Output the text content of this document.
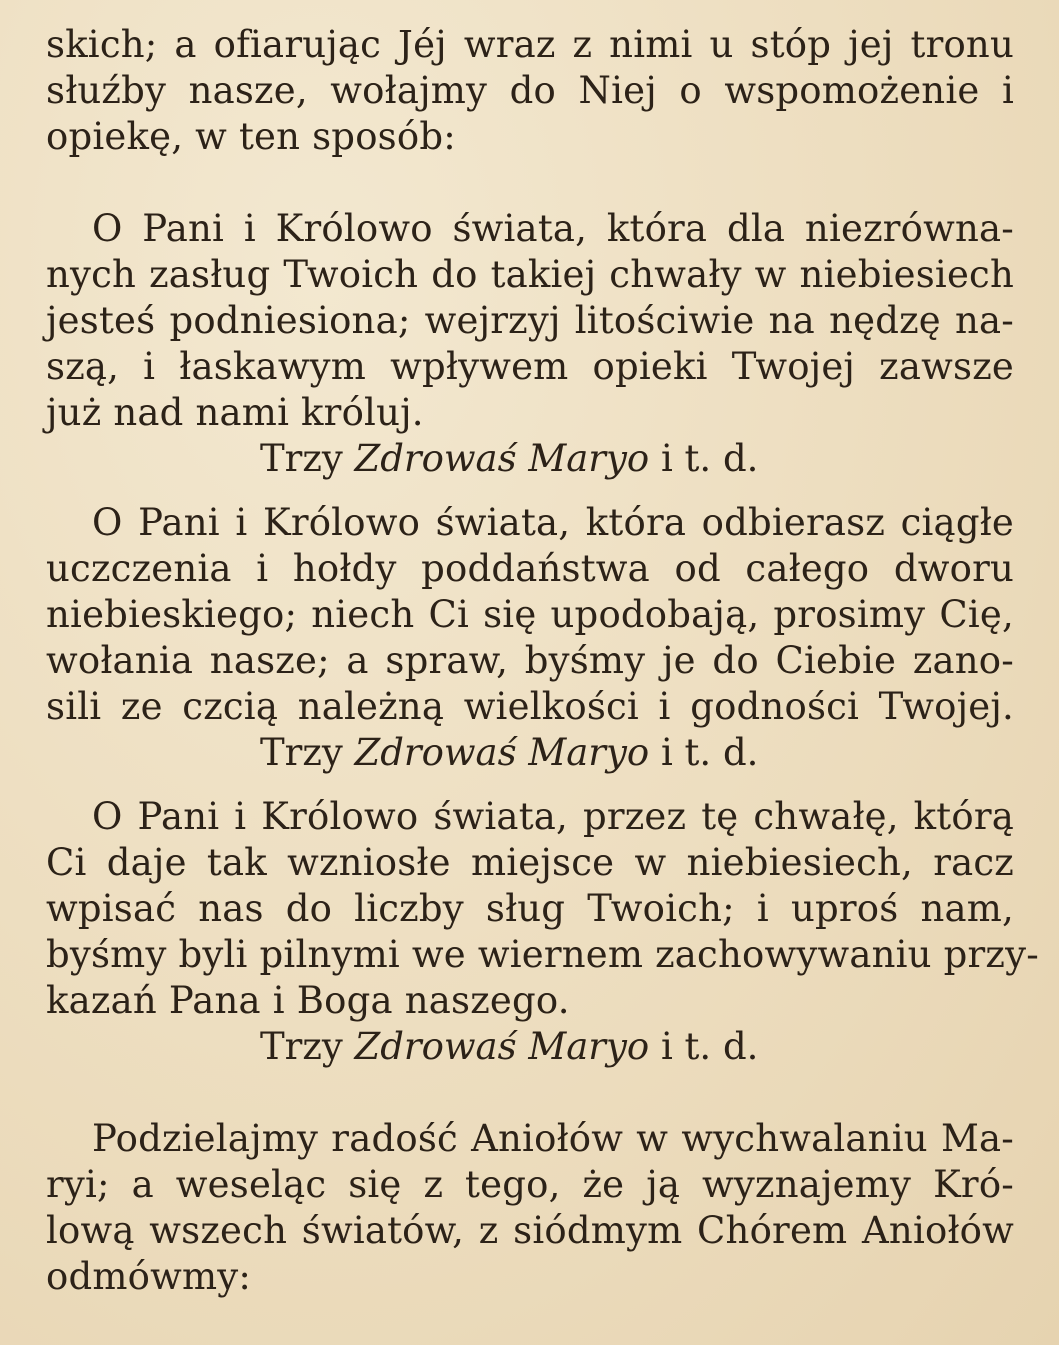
skich; a ofiarując Jéj wraz z nimi u stóp jej tronu
słuźby nasze, wołajmy do Niej o wspomożenie i
opiekę, w ten sposób:
O Pani i Królowo świata, która dla niezrówna-
nych zasług Twoich do takiej chwały w niebiesiech
jesteś podniesiona; wejrzyj litościwie na nędzę na-
szą, i łaskawym wpływem opieki Twojej zawsze
już nad nami króluj.
Trzy Zdrowaś Maryo i t. d.
O Pani i Królowo świata, która odbierasz ciągłe
uczczenia i hołdy poddaństwa od całego dworu
niebieskiego; niech Ci się upodobają, prosimy Cię,
wołania nasze; a spraw, byśmy je do Ciebie zano-
sili ze czcią należną wielkości i godności Twojej.
Trzy Zdrowaś Maryo i t. d.
O Pani i Królowo świata, przez tę chwałę, którą
Ci daje tak wzniosłe miejsce w niebiesiech, racz
wpisać nas do liczby sług Twoich; i uproś nam,
byśmy byli pilnymi we wiernem zachowywaniu przy-
kazań Pana i Boga naszego.
Trzy Zdrowaś Maryo i t. d.
Podzielajmy radość Aniołów w wychwalaniu Ma-
ryi; a weseląc się z tego, że ją wyznajemy Kró-
lową wszech światów, z siódmym Chórem Aniołów
odmówmy:
